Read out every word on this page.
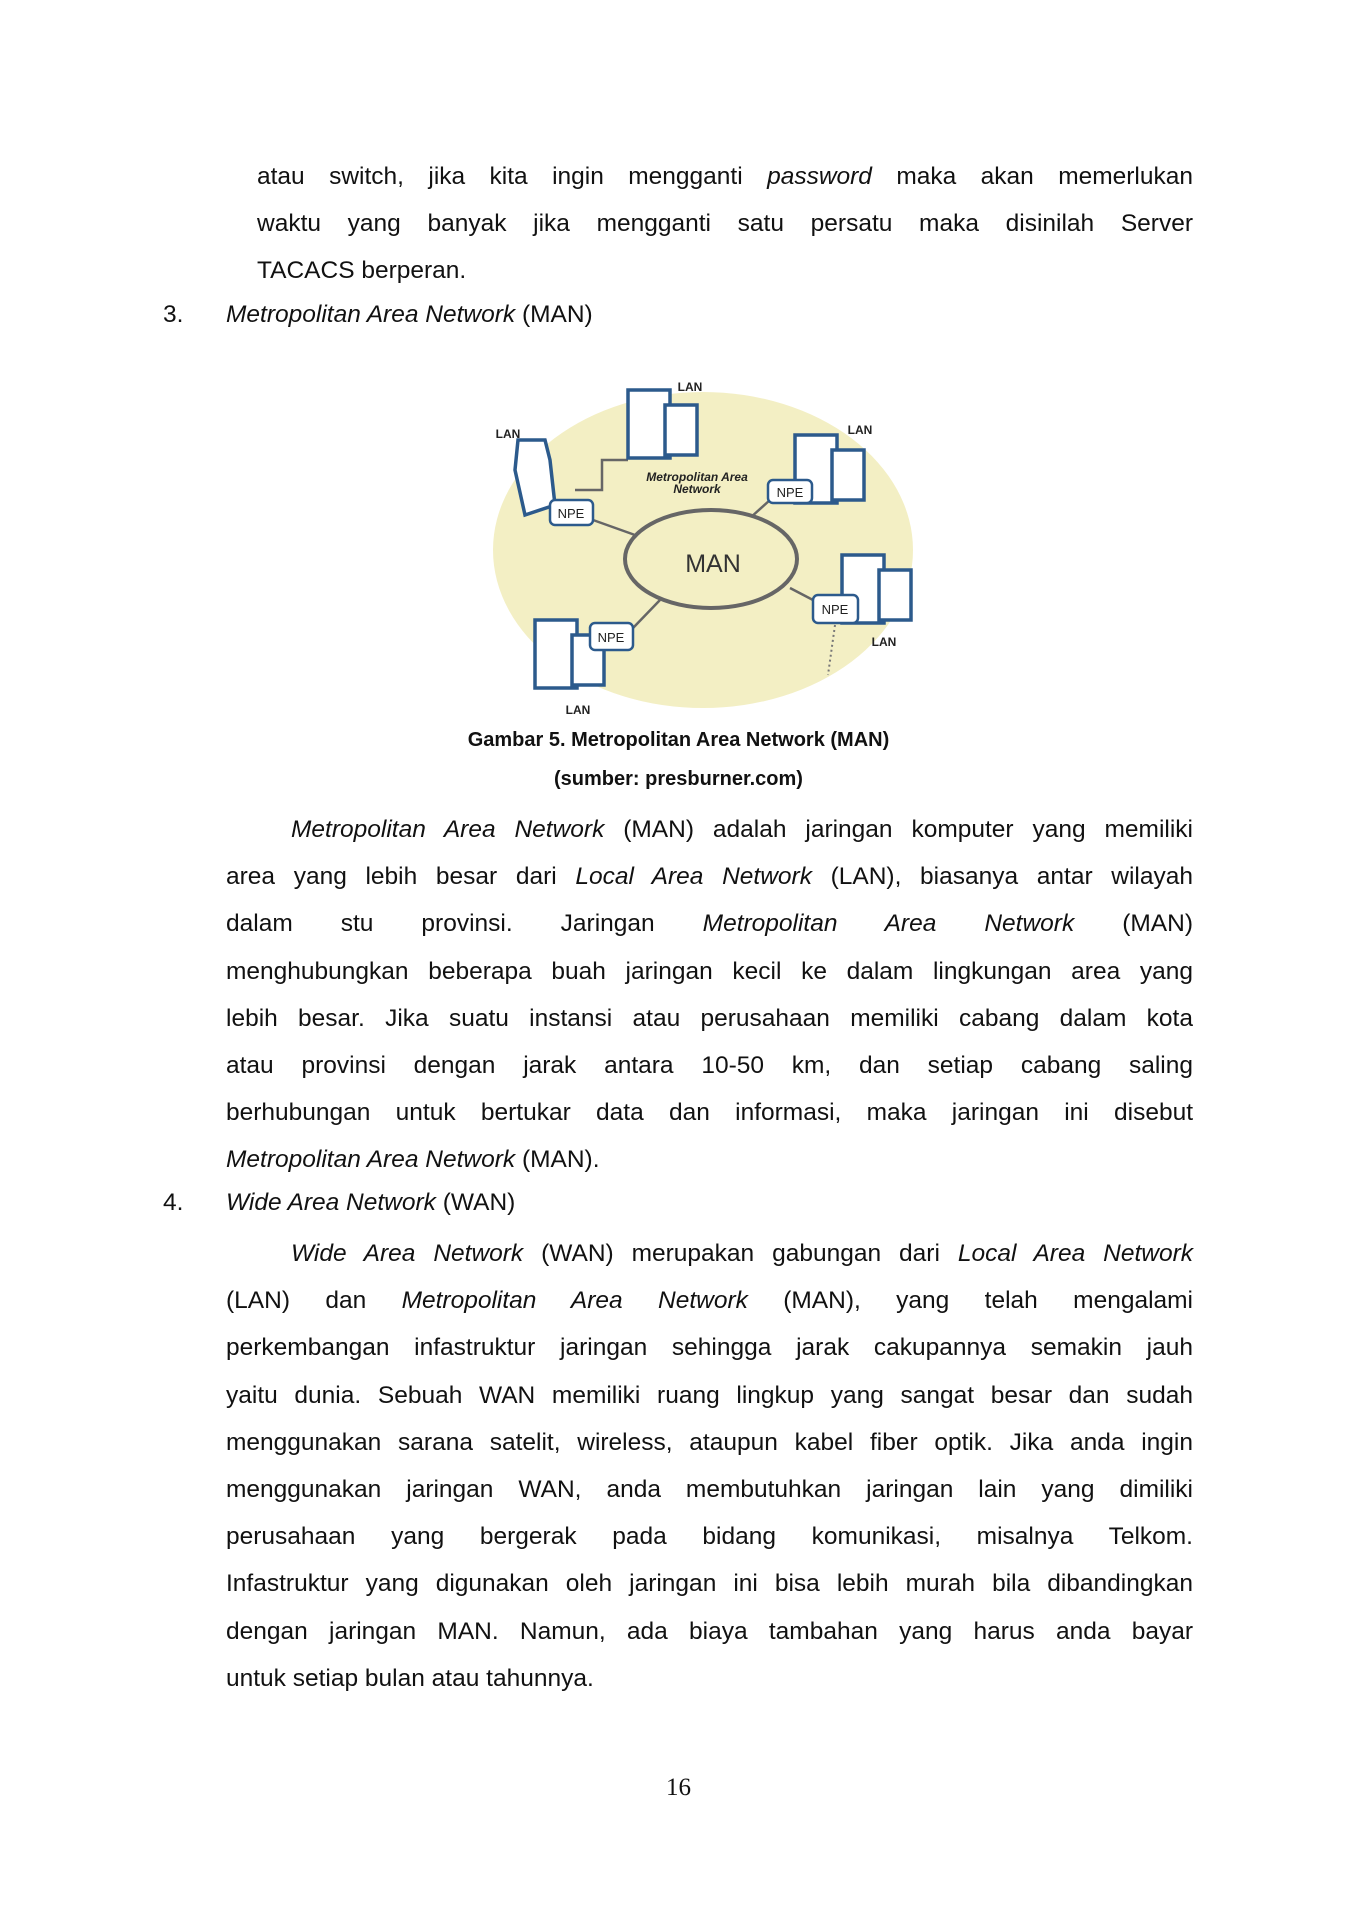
atau switch, jika kita ingin mengganti password maka akan memerlukan
waktu yang banyak jika mengganti satu persatu maka disinilah Server
TACACS berperan.
3. Metropolitan Area Network (MAN)
NPE
NPE
NPE
NPE
LAN
LAN
LAN
LAN
LAN
Metropolitan Area
Network
MAN
Gambar 5. Metropolitan Area Network (MAN)
(sumber: presburner.com)
Metropolitan Area Network (MAN) adalah jaringan komputer yang memiliki
area yang lebih besar dari Local Area Network (LAN), biasanya antar wilayah
dalam stu provinsi. Jaringan Metropolitan Area Network (MAN)
menghubungkan beberapa buah jaringan kecil ke dalam lingkungan area yang
lebih besar. Jika suatu instansi atau perusahaan memiliki cabang dalam kota
atau provinsi dengan jarak antara 10-50 km, dan setiap cabang saling
berhubungan untuk bertukar data dan informasi, maka jaringan ini disebut
Metropolitan Area Network (MAN).
4. Wide Area Network (WAN)
Wide Area Network (WAN) merupakan gabungan dari Local Area Network
(LAN) dan Metropolitan Area Network (MAN), yang telah mengalami
perkembangan infastruktur jaringan sehingga jarak cakupannya semakin jauh
yaitu dunia. Sebuah WAN memiliki ruang lingkup yang sangat besar dan sudah
menggunakan sarana satelit, wireless, ataupun kabel fiber optik. Jika anda ingin
menggunakan jaringan WAN, anda membutuhkan jaringan lain yang dimiliki
perusahaan yang bergerak pada bidang komunikasi, misalnya Telkom.
Infastruktur yang digunakan oleh jaringan ini bisa lebih murah bila dibandingkan
dengan jaringan MAN. Namun, ada biaya tambahan yang harus anda bayar
untuk setiap bulan atau tahunnya.
16
